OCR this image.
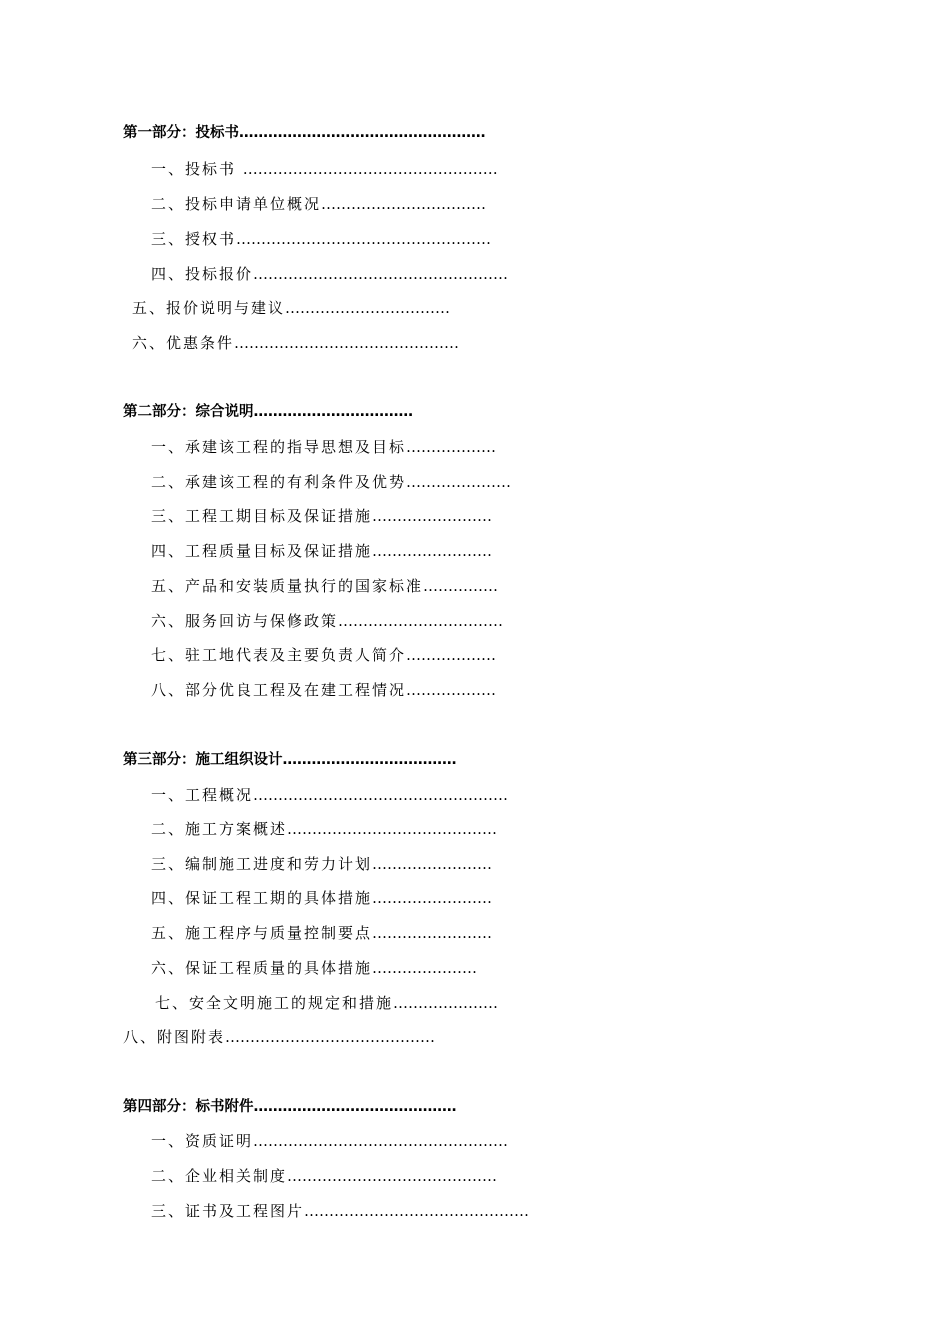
第一部分：投标书……………………………………………
一、投标书 ……………………………………………
二、投标申请单位概况……………………………
三、授权书……………………………………………
四、投标报价……………………………………………
五、报价说明与建议……………………………
六、优惠条件………………………………………
第二部分：综合说明……………………………
一、承建该工程的指导思想及目标………………
二、承建该工程的有利条件及优势…………………
三、工程工期目标及保证措施……………………
四、工程质量目标及保证措施……………………
五、产品和安装质量执行的国家标准……………
六、服务回访与保修政策……………………………
七、驻工地代表及主要负责人简介………………
八、部分优良工程及在建工程情况………………
第三部分：施工组织设计………………………………
一、工程概况……………………………………………
二、施工方案概述……………………………………
三、编制施工进度和劳力计划……………………
四、保证工程工期的具体措施……………………
五、施工程序与质量控制要点……………………
六、保证工程质量的具体措施…………………
七、安全文明施工的规定和措施…………………
八、附图附表……………………………………
第四部分：标书附件……………………………………
一、资质证明……………………………………………
二、企业相关制度……………………………………
三、证书及工程图片………………………………………
